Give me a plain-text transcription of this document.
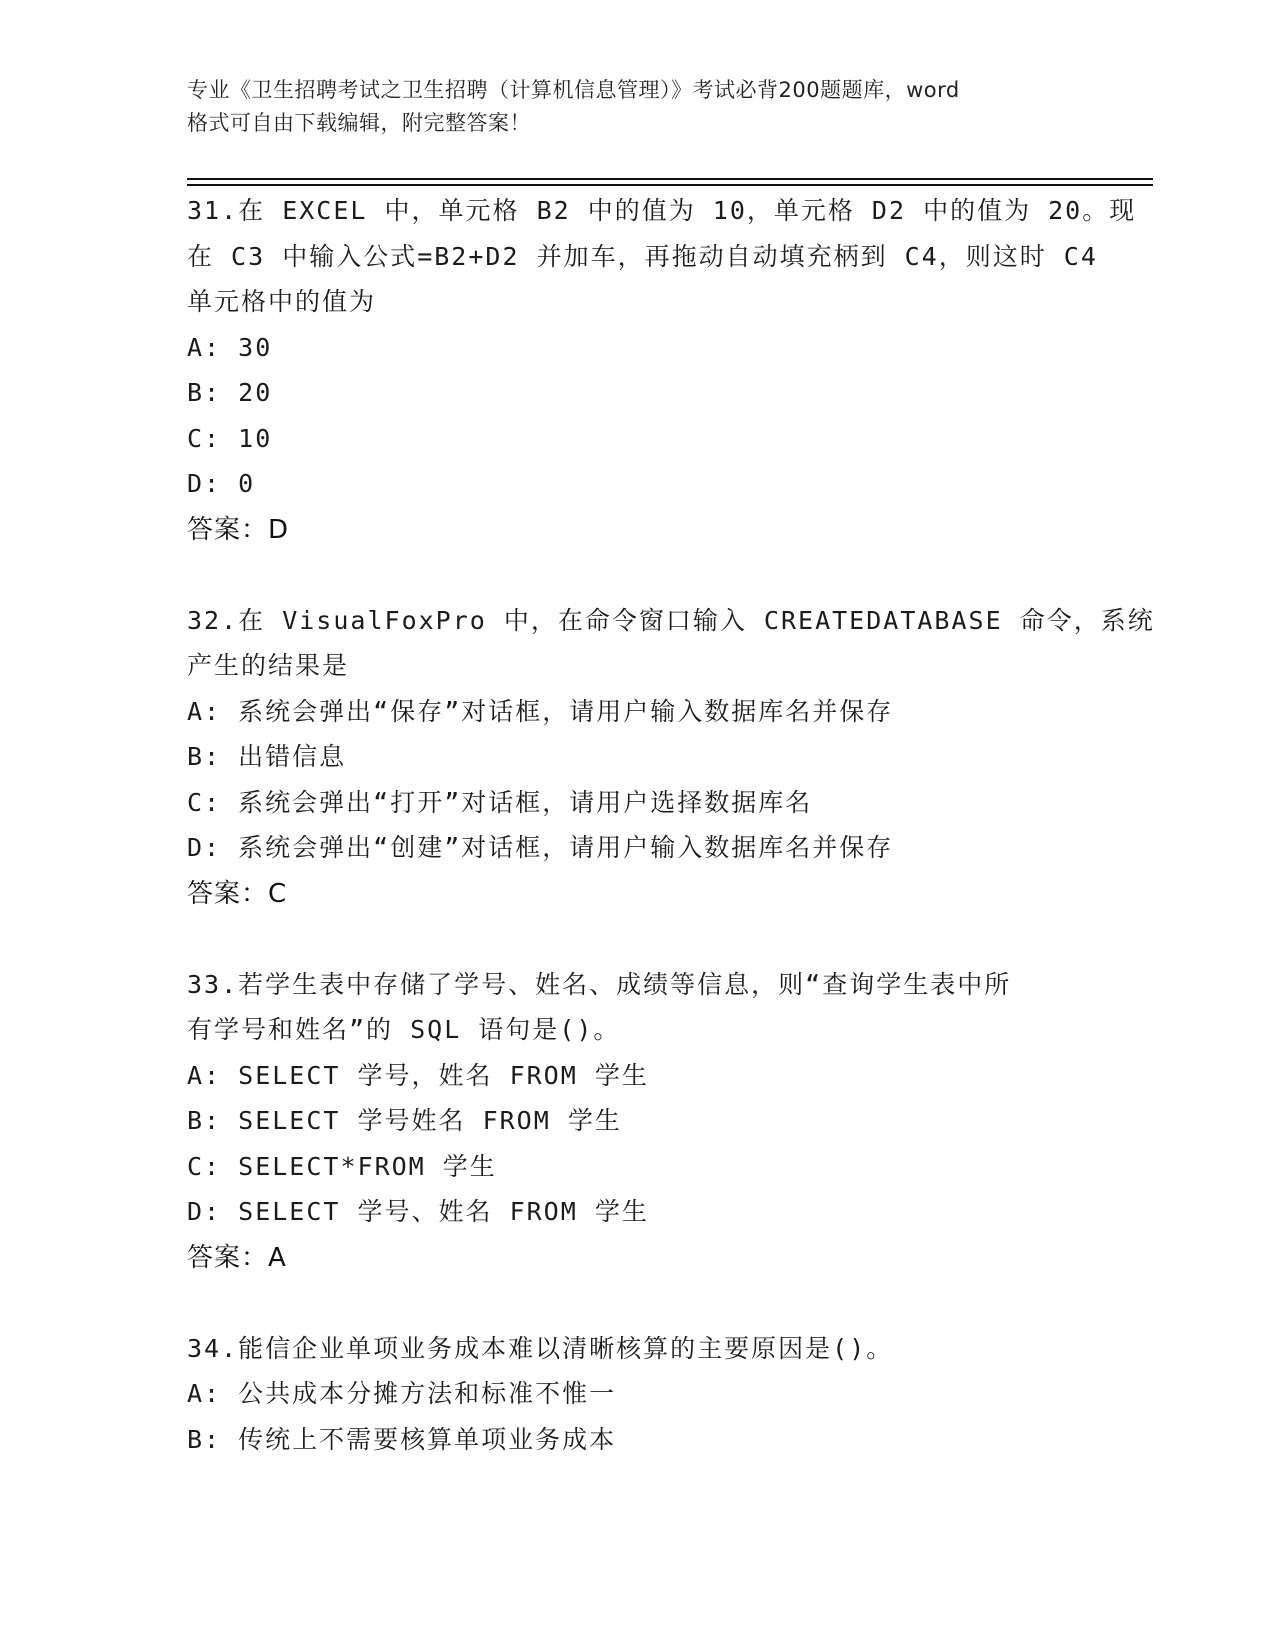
专业《卫生招聘考试之卫生招聘（计算机信息管理）》考试必背200题题库，word
格式可自由下载编辑，附完整答案！
31.在 EXCEL 中，单元格 B2 中的值为 10，单元格 D2 中的值为 20。现
在 C3 中输入公式=B2+D2 并加车，再拖动自动填充柄到 C4，则这时 C4
单元格中的值为
A: 30
B: 20
C: 10
D: 0
答案：D
32.在 VisualFoxPro 中，在命令窗口输入 CREATEDATABASE 命令，系统
产生的结果是
A: 系统会弹出“保存”对话框，请用户输入数据库名并保存
B: 出错信息
C: 系统会弹出“打开”对话框，请用户选择数据库名
D: 系统会弹出“创建”对话框，请用户输入数据库名并保存
答案：C
33.若学生表中存储了学号、姓名、成绩等信息，则“查询学生表中所
有学号和姓名”的 SQL 语句是()。
A: SELECT 学号，姓名 FROM 学生
B: SELECT 学号姓名 FROM 学生
C: SELECT*FROM 学生
D: SELECT 学号、姓名 FROM 学生
答案：A
34.能信企业单项业务成本难以清晰核算的主要原因是()。
A: 公共成本分摊方法和标准不惟一
B: 传统上不需要核算单项业务成本
